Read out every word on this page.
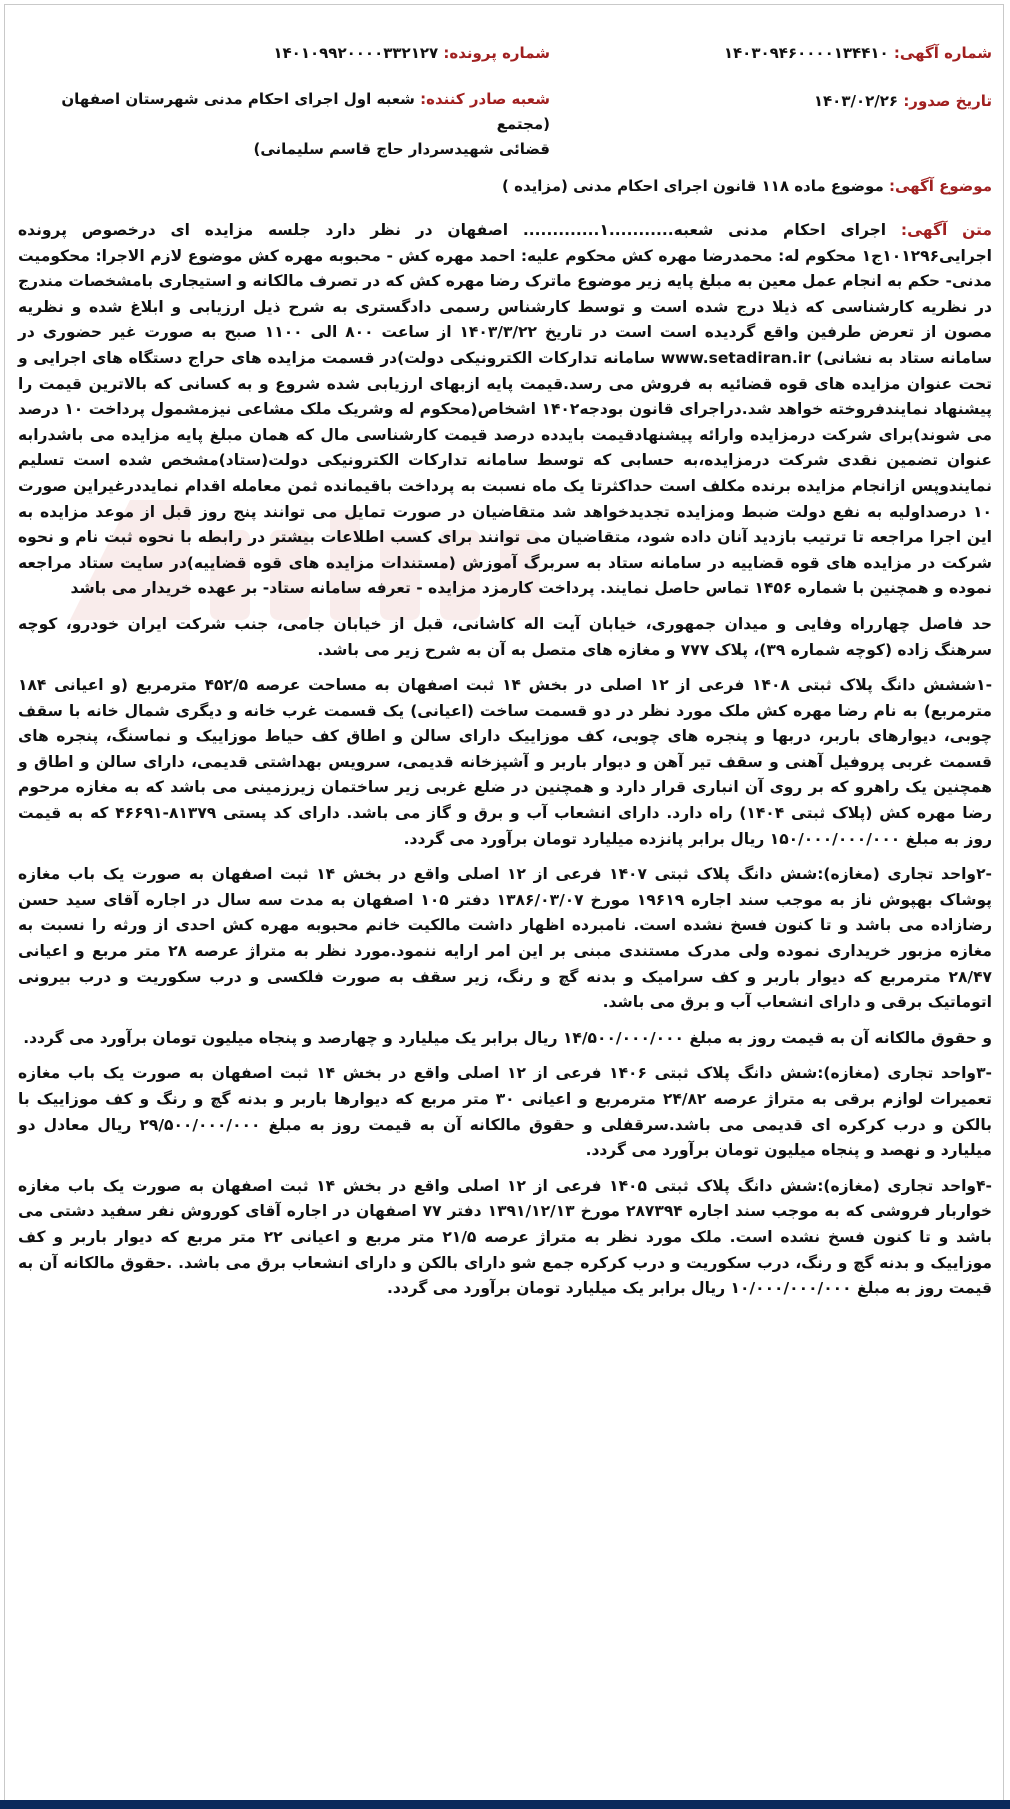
شماره آگهی: ۱۴۰۳۰۹۴۶۰۰۰۰۱۳۴۴۱۰
شماره پرونده: ۱۴۰۱۰۹۹۲۰۰۰۰۳۳۲۱۲۷
تاریخ صدور: ۱۴۰۳/۰۲/۲۶
شعبه صادر کننده: شعبه اول اجرای احکام مدنی شهرستان اصفهان (مجتمع
قضائی شهیدسردار حاج قاسم سلیمانی)
موضوع آگهی: موضوع ماده ۱۱۸ قانون اجرای احکام مدنی (مزایده )

متن آگهی: اجرای احکام مدنی شعبه...........۱............. اصفهان در نظر دارد جلسه مزایده ای درخصوص پرونده اجرایی۱۰۱۲۹۶ج۱ محکوم له: محمدرضا مهره کش محکوم علیه: احمد مهره کش - محبوبه مهره کش موضوع لازم الاجرا: محکومیت مدنی- حکم به انجام عمل معین به مبلغ پایه زیر موضوع ماترک رضا مهره کش که در تصرف مالکانه و استیجاری بامشخصات مندرج در نظریه کارشناسی که ذیلا درج شده است و توسط کارشناس رسمی دادگستری به شرح ذیل ارزیابی و ابلاغ شده و نظریه مصون از تعرض طرفین واقع گردیده است است در تاریخ ۱۴۰۳/۳/۲۲ از ساعت ۸۰۰ الی ۱۱۰۰ صبح به صورت غیر حضوری در سامانه ستاد به نشانی) www.setadiran.ir سامانه تدارکات الکترونیکی دولت)در قسمت مزایده های حراج دستگاه های اجرایی و تحت عنوان مزایده های قوه قضائیه به فروش می رسد.قیمت پایه ازبهای ارزیابی شده شروع و به کسانی که بالاترین قیمت را پیشنهاد نمایندفروخته خواهد شد.دراجرای قانون بودجه۱۴۰۲ اشخاص(محکوم له وشریک ملک مشاعی نیزمشمول پرداخت ۱۰ درصد می شوند)برای شرکت درمزایده وارائه پیشنهادقیمت بایدده درصد قیمت کارشناسی مال که همان مبلغ پایه مزایده می باشدرابه عنوان تضمین نقدی شرکت درمزایده،به حسابی که توسط سامانه تدارکات الکترونیکی دولت(ستاد)مشخص شده است تسلیم نمایندوپس ازانجام مزایده برنده مکلف است حداکثرتا یک ماه نسبت به پرداخت باقیمانده ثمن معامله اقدام نمایددرغیراین صورت ۱۰ درصداولیه به نفع دولت ضبط ومزایده تجدیدخواهد شد متقاضیان در صورت تمایل می توانند پنج روز قبل از موعد مزایده به این اجرا مراجعه تا ترتیب بازدید آنان داده شود، متقاضیان می توانند برای کسب اطلاعات بیشتر در رابطه با نحوه ثبت نام و نحوه شرکت در مزایده های قوه قضاییه در سامانه ستاد به سربرگ آموزش (مستندات مزایده های قوه قضاییه)در سایت ستاد مراجعه نموده و همچنین با شماره ۱۴۵۶ تماس حاصل نمایند. پرداخت کارمزد مزایده - تعرفه سامانه ستاد- بر عهده خریدار می باشد

حد فاصل چهارراه وفایی و میدان جمهوری، خیابان آیت اله کاشانی، قبل از خیابان جامی، جنب شرکت ایران خودرو، کوچه سرهنگ زاده (کوچه شماره ۳۹)، پلاک ۷۷۷ و مغازه های متصل به آن به شرح زیر می باشد.

-۱ششش دانگ پلاک ثبتی ۱۴۰۸ فرعی از ۱۲ اصلی در بخش ۱۴ ثبت اصفهان به مساحت عرصه ۴۵۲/۵ مترمربع (و اعیانی ۱۸۴ مترمربع) به نام رضا مهره کش ملک مورد نظر در دو قسمت ساخت (اعیانی) یک قسمت غرب خانه و دیگری شمال خانه با سقف چوبی، دیوارهای باربر، دربها و پنجره های چوبی، کف موزاییک دارای سالن و اطاق کف حیاط موزاییک و نماسنگ، پنجره های قسمت غربی پروفیل آهنی و سقف تیر آهن و دیوار باربر و آشپزخانه قدیمی، سرویس بهداشتی قدیمی، دارای سالن و اطاق و همچنین یک راهرو که بر روی آن انباری قرار دارد و همچنین در ضلع غربی زیر ساختمان زیرزمینی می باشد که به مغازه مرحوم رضا مهره کش (پلاک ثبتی ۱۴۰۴) راه دارد. دارای انشعاب آب و برق و گاز می باشد. دارای کد پستی ۸۱۳۷۹-۴۶۶۹۱ که به قیمت روز به مبلغ ۱۵۰/۰۰۰/۰۰۰/۰۰۰ ریال برابر پانزده میلیارد تومان برآورد می گردد.

-۲واحد تجاری (مغازه):شش دانگ پلاک ثبتی ۱۴۰۷ فرعی از ۱۲ اصلی واقع در بخش ۱۴ ثبت اصفهان به صورت یک باب مغازه پوشاک بهپوش ناز به موجب سند اجاره ۱۹۶۱۹ مورخ ۱۳۸۶/۰۳/۰۷ دفتر ۱۰۵ اصفهان به مدت سه سال در اجاره آقای سید حسن رضازاده می باشد و تا کنون فسخ نشده است. نامبرده اظهار داشت مالکیت خانم محبوبه مهره کش احدی از ورثه را نسبت به مغازه مزبور خریداری نموده ولی مدرک مستندی مبنی بر این امر ارایه ننمود.مورد نظر به متراژ عرصه ۲۸ متر مربع و اعیانی ۲۸/۴۷ مترمربع که دیوار باربر و کف سرامیک و بدنه گچ و رنگ، زیر سقف به صورت فلکسی و درب سکوریت و درب بیرونی اتوماتیک برقی و دارای انشعاب آب و برق می باشد.

و حقوق مالکانه آن به قیمت روز به مبلغ ۱۴/۵۰۰/۰۰۰/۰۰۰ ریال برابر یک میلیارد و چهارصد و پنجاه میلیون تومان برآورد می گردد.

-۳واحد تجاری (مغازه):شش دانگ پلاک ثبتی ۱۴۰۶ فرعی از ۱۲ اصلی واقع در بخش ۱۴ ثبت اصفهان به صورت یک باب مغازه تعمیرات لوازم برقی به متراژ عرصه ۲۴/۸۲ مترمربع و اعیانی ۳۰ متر مربع که دیوارها باربر و بدنه گچ و رنگ و کف موزاییک با بالکن و درب کرکره ای قدیمی می باشد.سرقفلی و حقوق مالکانه آن به قیمت روز به مبلغ ۲۹/۵۰۰/۰۰۰/۰۰۰ ریال معادل دو میلیارد و نهصد و پنجاه میلیون تومان برآورد می گردد.

-۴واحد تجاری (مغازه):شش دانگ پلاک ثبتی ۱۴۰۵ فرعی از ۱۲ اصلی واقع در بخش ۱۴ ثبت اصفهان به صورت یک باب مغازه خواربار فروشی که به موجب سند اجاره ۲۸۷۳۹۴ مورخ ۱۳۹۱/۱۲/۱۳ دفتر ۷۷ اصفهان در اجاره آقای کوروش نفر سفید دشتی می باشد و تا کنون فسخ نشده است. ملک مورد نظر به متراژ عرصه ۲۱/۵ متر مربع و اعیانی ۲۲ متر مربع که دیوار باربر و کف موزاییک و بدنه گچ و رنگ، درب سکوریت و درب کرکره جمع شو دارای بالکن و دارای انشعاب برق می باشد. .حقوق مالکانه آن به قیمت روز به مبلغ ۱۰/۰۰۰/۰۰۰/۰۰۰ ریال برابر یک میلیارد تومان برآورد می گردد.
